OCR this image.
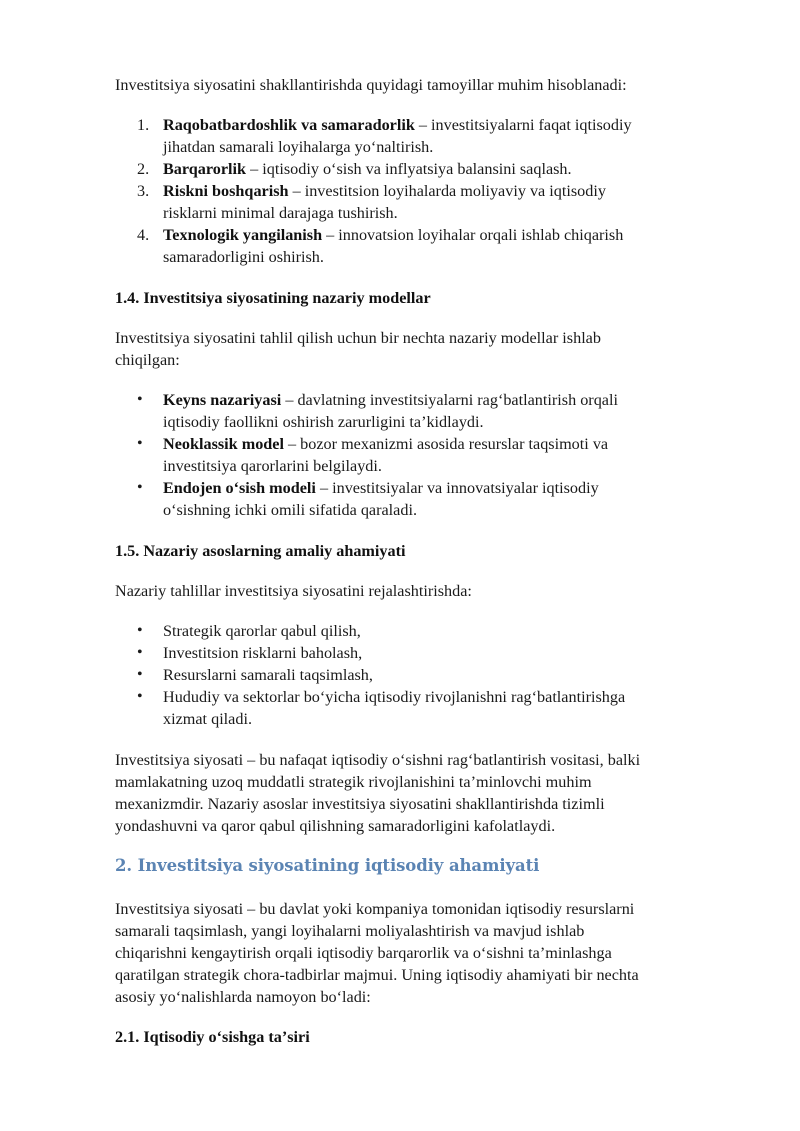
Investitsiya siyosatini shakllantirishda quyidagi tamoyillar muhim hisoblanadi:

1. Raqobatbardoshlik va samaradorlik – investitsiyalarni faqat iqtisodiy
jihatdan samarali loyihalarga yoʻnaltirish.
2. Barqarorlik – iqtisodiy oʻsish va inflyatsiya balansini saqlash.
3. Riskni boshqarish – investitsion loyihalarda moliyaviy va iqtisodiy
risklarni minimal darajaga tushirish.
4. Texnologik yangilanish – innovatsion loyihalar orqali ishlab chiqarish
samaradorligini oshirish.

1.4. Investitsiya siyosatining nazariy modellar

Investitsiya siyosatini tahlil qilish uchun bir nechta nazariy modellar ishlab
chiqilgan:

• Keyns nazariyasi – davlatning investitsiyalarni ragʻbatlantirish orqali
iqtisodiy faollikni oshirish zarurligini taʼkidlaydi.
• Neoklassik model – bozor mexanizmi asosida resurslar taqsimoti va
investitsiya qarorlarini belgilaydi.
• Endojen oʻsish modeli – investitsiyalar va innovatsiyalar iqtisodiy
oʻsishning ichki omili sifatida qaraladi.

1.5. Nazariy asoslarning amaliy ahamiyati

Nazariy tahlillar investitsiya siyosatini rejalashtirishda:

• Strategik qarorlar qabul qilish,
• Investitsion risklarni baholash,
• Resurslarni samarali taqsimlash,
• Hududiy va sektorlar boʻyicha iqtisodiy rivojlanishni ragʻbatlantirishga
xizmat qiladi.

Investitsiya siyosati – bu nafaqat iqtisodiy oʻsishni ragʻbatlantirish vositasi, balki
mamlakatning uzoq muddatli strategik rivojlanishini taʼminlovchi muhim
mexanizmdir. Nazariy asoslar investitsiya siyosatini shakllantirishda tizimli
yondashuvni va qaror qabul qilishning samaradorligini kafolatlaydi.

2. Investitsiya siyosatining iqtisodiy ahamiyati

Investitsiya siyosati – bu davlat yoki kompaniya tomonidan iqtisodiy resurslarni
samarali taqsimlash, yangi loyihalarni moliyalashtirish va mavjud ishlab
chiqarishni kengaytirish orqali iqtisodiy barqarorlik va oʻsishni taʼminlashga
qaratilgan strategik chora-tadbirlar majmui. Uning iqtisodiy ahamiyati bir nechta
asosiy yoʻnalishlarda namoyon boʻladi:

2.1. Iqtisodiy oʻsishga taʼsiri
